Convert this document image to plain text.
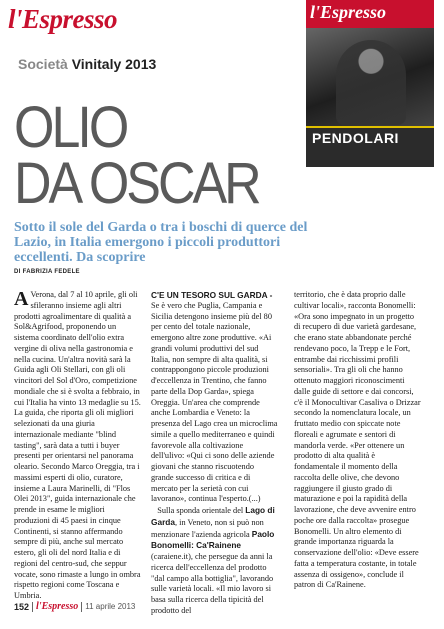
l'Espresso
Società Vinitaly 2013
l'Espresso
PENDOLARI
OLIO
DA OSCAR
Sotto il sole del Garda o tra i boschi di querce del Lazio, in Italia emergono i piccoli produttori eccellenti. Da scoprire
DI FABRIZIA FEDELE
A Verona, dal 7 al 10 aprile, gli oli sfileranno insieme agli altri prodotti agroalimentare di qualità a Sol&Agrifood, proponendo un sistema coordinato dell'olio extra vergine di oliva nella gastronomia e nella cucina. Un'altra novità sarà la Guida agli Oli Stellari, con gli oli vincitori del Sol d'Oro, competizione mondiale che si è svolta a febbraio, in cui l'Italia ha vinto 13 medaglie su 15. La guida, che riporta gli oli migliori selezionati da una giuria internazionale mediante "blind tasting", sarà data a tutti i buyer presenti per orientarsi nel panorama oleario. Secondo Marco Oreggia, tra i massimi esperti di olio, curatore, insieme a Laura Marinelli, di "Flos Olei 2013", guida internazionale che prende in esame le migliori produzioni di 45 paesi in cinque Continenti, si stanno affermando sempre di più, anche sul mercato estero, gli oli del nord Italia e di regioni del centro-sud, che seppur vocate, sono rimaste a lungo in ombra rispetto regioni come Toscana e Umbria.

C'E UN TESORO SUL GARDA -

Se è vero che Puglia, Campania e Sicilia detengono insieme più del 80 per cento del totale nazionale, emergono altre zone produttive. «Ai grandi volumi produttivi del sud Italia, non sempre di alta qualità, si contrappongono piccole produzioni d'eccellenza in Trentino, che fanno parte della Dop Garda», spiega Oreggia. Un'area che comprende anche Lombardia e Veneto: la presenza del Lago crea un microclima simile a quello mediterraneo e quindi favorevole alla coltivazione dell'ulivo: «Qui ci sono delle aziende giovani che stanno riscuotendo grande successo di critica e di mercato per la serietà con cui lavorano», continua l'esperto.(...)

Sulla sponda orientale del Lago di Garda, in Veneto, non si può non menzionare l'azienda agricola Paolo Bonomelli: Ca'Rainene (caraiene.it), che persegue da anni la ricerca dell'eccellenza del prodotto "dal campo alla bottiglia", lavorando sulle varietà locali. «Il mio lavoro si basa sulla ricerca della tipicità del prodotto del

territorio, che è data proprio dalle cultivar locali», racconta Bonomelli: «Ora sono impegnato in un progetto di recupero di due varietà gardesane, che erano state abbandonate perché rendevano poco, la Trepp e le Fort, entrambe dai ricchissimi profili sensoriali». Tra gli oli che hanno ottenuto maggiori riconoscimenti dalle guide di settore e dai concorsi, c'è il Monocultivar Casaliva o Drizzar secondo la nomenclatura locale, un fruttato medio con spiccate note floreali e agrumate e sentori di mandorla verde. «Per ottenere un prodotto di alta qualità è fondamentale il momento della raccolta delle olive, che devono raggiungere il giusto grado di maturazione e poi la rapidità della lavorazione, che deve avvenire entro poche ore dalla raccolta» prosegue Bonomelli. Un altro elemento di grande importanza riguarda la conservazione dell'olio: «Deve essere fatta a temperatura costante, in totale assenza di ossigeno», conclude il patron di Ca'Rainene.

152 l'Espresso 11 aprile 2013
